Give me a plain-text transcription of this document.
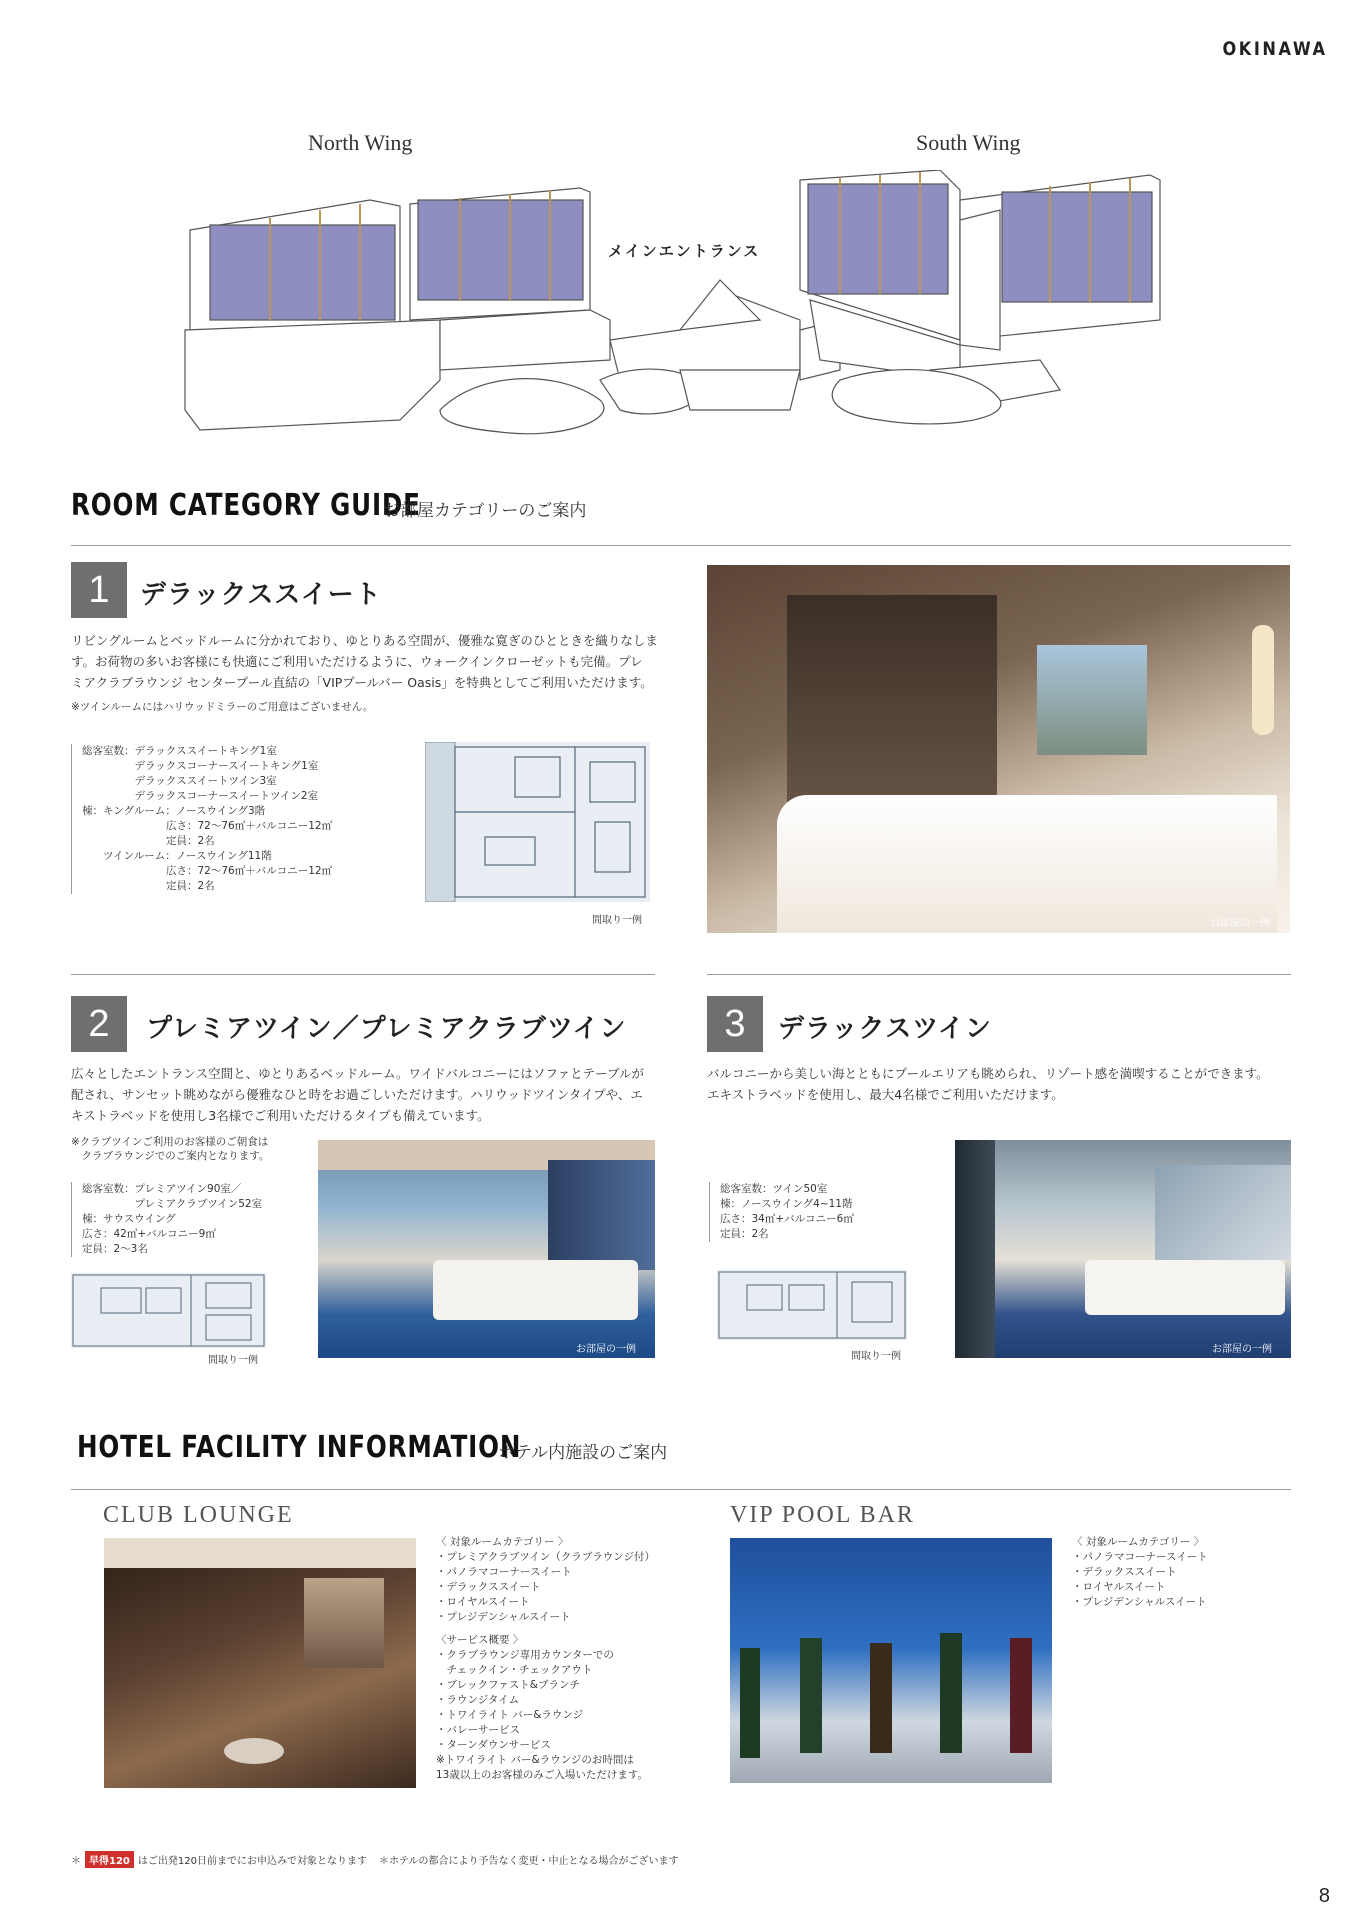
OKINAWA
North Wing	South Wing
メインエントランス
ROOM CATEGORY GUIDE
お部屋カテゴリーのご案内
1	デラックススイート
リビングルームとベッドルームに分かれており、ゆとりある空間が、優雅な寛ぎのひとときを織りなしま
す。お荷物の多いお客様にも快適にご利用いただけるように、ウォークインクローゼットも完備。プレ
ミアクラブラウンジ センタープール直結の「VIPプールバー Oasis」を特典としてご利用いただけます。
※ツインルームにはハリウッドミラーのご用意はございません。
総客室数：デラックススイートキング1室
　　　　　デラックスコーナースイートキング1室
　　　　　デラックススイートツイン3室
　　　　　デラックスコーナースイートツイン2室
棟：キングルーム：ノースウイング3階
　　　　　　　　広さ：72〜76㎡＋バルコニー12㎡
　　　　　　　　定員：2名
　　ツインルーム：ノースウイング11階
　　　　　　　　広さ：72〜76㎡＋バルコニー12㎡
　　　　　　　　定員：2名
間取り一例	お部屋の一例
2	プレミアツイン／プレミアクラブツイン
広々としたエントランス空間と、ゆとりあるベッドルーム。ワイドバルコニーにはソファとテーブルが
配され、サンセット眺めながら優雅なひと時をお過ごしいただけます。ハリウッドツインタイプや、エ
キストラベッドを使用し3名様でご利用いただけるタイプも備えています。
※クラブツインご利用のお客様のご朝食は
　クラブラウンジでのご案内となります。
総客室数：プレミアツイン90室／
　　　　　プレミアクラブツイン52室
棟：サウスウイング
広さ：42㎡+バルコニー9㎡
定員：2〜3名
間取り一例
お部屋の一例
3	デラックスツイン
バルコニーから美しい海とともにプールエリアも眺められ、リゾート感を満喫することができます。
エキストラベッドを使用し、最大4名様でご利用いただけます。
総客室数：ツイン50室
棟：ノースウイング4~11階
広さ：34㎡+バルコニー6㎡
定員：2名
間取り一例
お部屋の一例
HOTEL FACILITY INFORMATION
ホテル内施設のご案内
CLUB LOUNGE
〈 対象ルームカテゴリー 〉
・プレミアクラブツイン（クラブラウンジ付）
・パノラマコーナースイート
・デラックススイート
・ロイヤルスイート
・プレジデンシャルスイート
〈サービス概要 〉
・クラブラウンジ専用カウンターでの
　チェックイン・チェックアウト
・ブレックファスト&ブランチ
・ラウンジタイム
・トワイライト バー&ラウンジ
・バレーサービス
・ターンダウンサービス
※トワイライト バー&ラウンジのお時間は
13歳以上のお客様のみご入場いただけます。
VIP POOL BAR
〈 対象ルームカテゴリー 〉
・パノラマコーナースイート
・デラックススイート
・ロイヤルスイート
・プレジデンシャルスイート
＊ 早得120 はご出発120日前までにお申込みで対象となります ＊ホテルの都合により予告なく変更・中止となる場合がございます
8
